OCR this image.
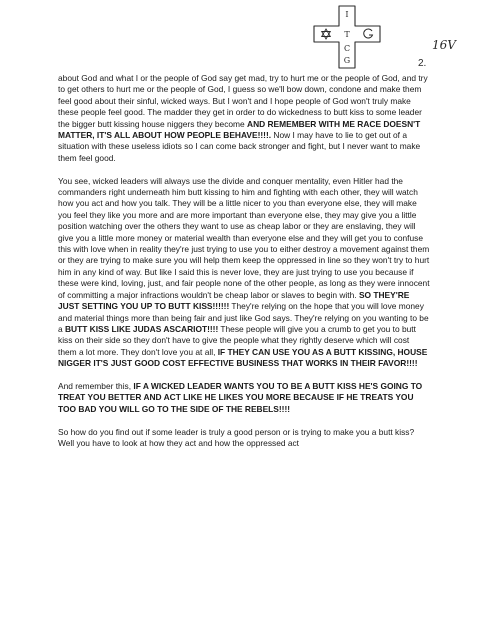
I
T
C
G
16V
2.

about God and what I or the people of God say get mad, try to hurt me or the people of God, and try to get others to hurt me or the people of God, I guess so we'll bow down, condone and make them feel good about their sinful, wicked ways. But I won't and I hope people of God won't truly make these people feel good. The madder they get in order to do wickedness to butt kiss to some leader the bigger butt kissing house niggers they become AND REMEMBER WITH ME RACE DOESN'T MATTER, IT'S ALL ABOUT HOW PEOPLE BEHAVE!!!!. Now I may have to lie to get out of a situation with these useless idiots so I can come back stronger and fight, but I never want to make them feel good.

You see, wicked leaders will always use the divide and conquer mentality, even Hitler had the commanders right underneath him butt kissing to him and fighting with each other, they will watch how you act and how you talk. They will be a little nicer to you than everyone else, they will make you feel they like you more and are more important than everyone else, they may give you a little position watching over the others they want to use as cheap labor or they are enslaving, they will give you a little more money or material wealth than everyone else and they will get you to confuse this with love when in reality they're just trying to use you to either destroy a movement against them or they are trying to make sure you will help them keep the oppressed in line so they won't try to hurt him in any kind of way. But like I said this is never love, they are just trying to use you because if these were kind, loving, just, and fair people none of the other people, as long as they were innocent of committing a major infractions wouldn't be cheap labor or slaves to begin with. SO THEY'RE JUST SETTING YOU UP TO BUTT KISS!!!!!! They're relying on the hope that you will love money and material things more than being fair and just like God says. They're relying on you wanting to be a BUTT KISS LIKE JUDAS ASCARIOT!!!! These people will give you a crumb to get you to butt kiss on their side so they don't have to give the people what they rightly deserve which will cost them a lot more. They don't love you at all, IF THEY CAN USE YOU AS A BUTT KISSING, HOUSE NIGGER IT'S JUST GOOD COST EFFECTIVE BUSINESS THAT WORKS IN THEIR FAVOR!!!!

And remember this, IF A WICKED LEADER WANTS YOU TO BE A BUTT KISS HE'S GOING TO TREAT YOU BETTER AND ACT LIKE HE LIKES YOU MORE BECAUSE IF HE TREATS YOU TOO BAD YOU WILL GO TO THE SIDE OF THE REBELS!!!!

So how do you find out if some leader is truly a good person or is trying to make you a butt kiss? Well you have to look at how they act and how the oppressed act
